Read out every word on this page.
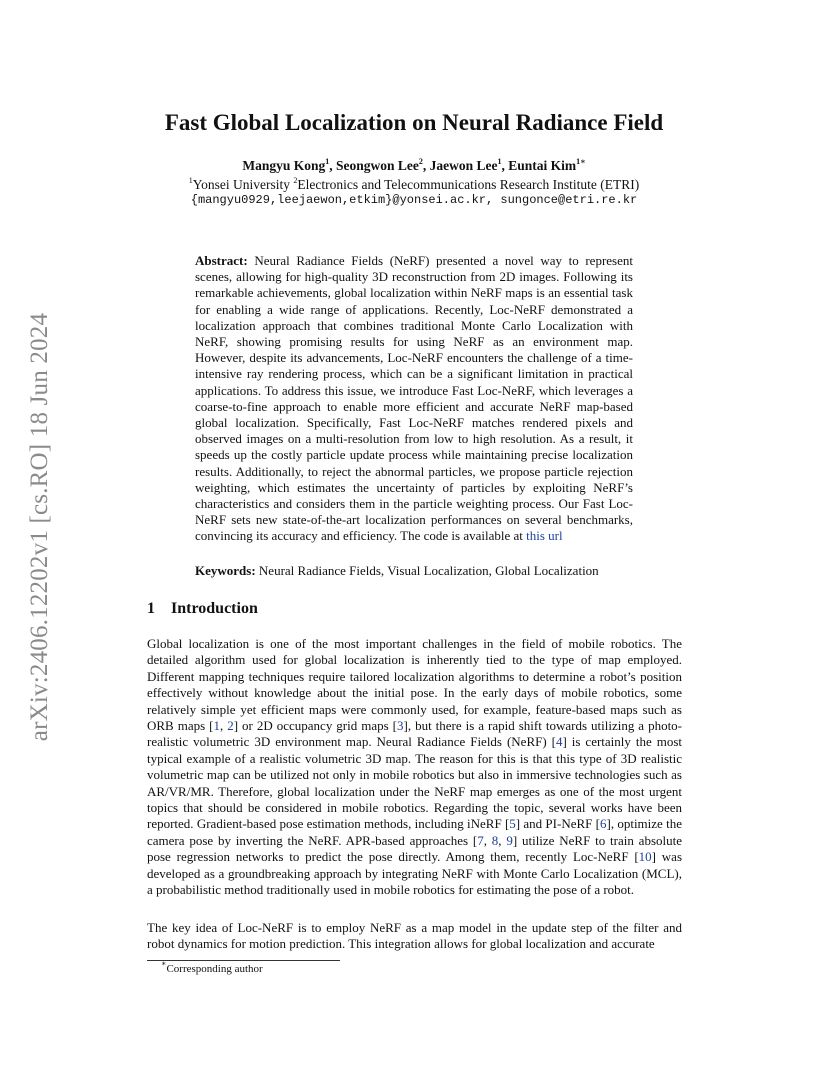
arXiv:2406.12202v1 [cs.RO] 18 Jun 2024
Fast Global Localization on Neural Radiance Field
Mangyu Kong$^1$, Seongwon Lee$^2$, Jaewon Lee$^1$, Euntai Kim$^{1∗}$
$^1$Yonsei University $^2$Electronics and Telecommunications Research Institute (ETRI)
{mangyu0929,leejaewon,etkim}@yonsei.ac.kr, sungonce@etri.re.kr
Abstract: Neural Radiance Fields (NeRF) presented a novel way to represent scenes, allowing for high-quality 3D reconstruction from 2D images. Following its remarkable achievements, global localization within NeRF maps is an essential task for enabling a wide range of applications. Recently, Loc-NeRF demonstrated a localization approach that combines traditional Monte Carlo Localization with NeRF, showing promising results for using NeRF as an environment map. However, despite its advancements, Loc-NeRF encounters the challenge of a time-intensive ray rendering process, which can be a significant limitation in practical applications. To address this issue, we introduce Fast Loc-NeRF, which leverages a coarse-to-fine approach to enable more efficient and accurate NeRF map-based global localization. Specifically, Fast Loc-NeRF matches rendered pixels and observed images on a multi-resolution from low to high resolution. As a result, it speeds up the costly particle update process while maintaining precise localization results. Additionally, to reject the abnormal particles, we propose particle rejection weighting, which estimates the uncertainty of particles by exploiting NeRF’s characteristics and considers them in the particle weighting process. Our Fast Loc-NeRF sets new state-of-the-art localization performances on several benchmarks, convincing its accuracy and efficiency. The code is available at this url
Keywords: Neural Radiance Fields, Visual Localization, Global Localization
1 Introduction
Global localization is one of the most important challenges in the field of mobile robotics. The detailed algorithm used for global localization is inherently tied to the type of map employed. Different mapping techniques require tailored localization algorithms to determine a robot’s position effectively without knowledge about the initial pose. In the early days of mobile robotics, some relatively simple yet efficient maps were commonly used, for example, feature-based maps such as ORB maps [1, 2] or 2D occupancy grid maps [3], but there is a rapid shift towards utilizing a photo-realistic volumetric 3D environment map. Neural Radiance Fields (NeRF) [4] is certainly the most typical example of a realistic volumetric 3D map. The reason for this is that this type of 3D realistic volumetric map can be utilized not only in mobile robotics but also in immersive technologies such as AR/VR/MR. Therefore, global localization under the NeRF map emerges as one of the most urgent topics that should be considered in mobile robotics. Regarding the topic, several works have been reported. Gradient-based pose estimation methods, including iNeRF [5] and PI-NeRF [6], optimize the camera pose by inverting the NeRF. APR-based approaches [7, 8, 9] utilize NeRF to train absolute pose regression networks to predict the pose directly. Among them, recently Loc-NeRF [10] was developed as a groundbreaking approach by integrating NeRF with Monte Carlo Localization (MCL), a probabilistic method traditionally used in mobile robotics for estimating the pose of a robot.
The key idea of Loc-NeRF is to employ NeRF as a map model in the update step of the filter and robot dynamics for motion prediction. This integration allows for global localization and accurate
∗Corresponding author
